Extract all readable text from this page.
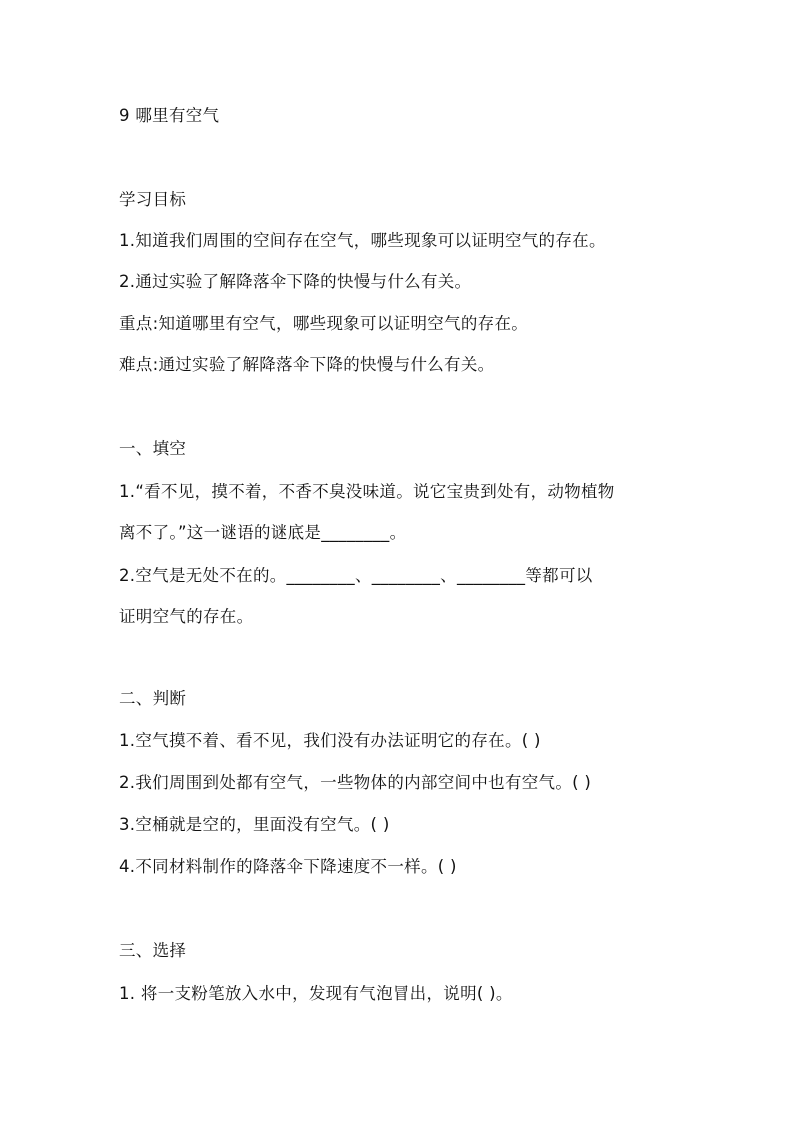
9 哪里有空气
学习目标
1.知道我们周围的空间存在空气，哪些现象可以证明空气的存在。
2.通过实验了解降落伞下降的快慢与什么有关。
重点:知道哪里有空气，哪些现象可以证明空气的存在。
难点:通过实验了解降落伞下降的快慢与什么有关。
一、填空
1.“看不见，摸不着，不香不臭没味道。说它宝贵到处有，动物植物
离不了。”这一谜语的谜底是________。
2.空气是无处不在的。________、________、________等都可以
证明空气的存在。
二、判断
1.空气摸不着、看不见，我们没有办法证明它的存在。( )
2.我们周围到处都有空气，一些物体的内部空间中也有空气。( )
3.空桶就是空的，里面没有空气。( )
4.不同材料制作的降落伞下降速度不一样。( )
三、选择
1. 将一支粉笔放入水中，发现有气泡冒出，说明( )。
